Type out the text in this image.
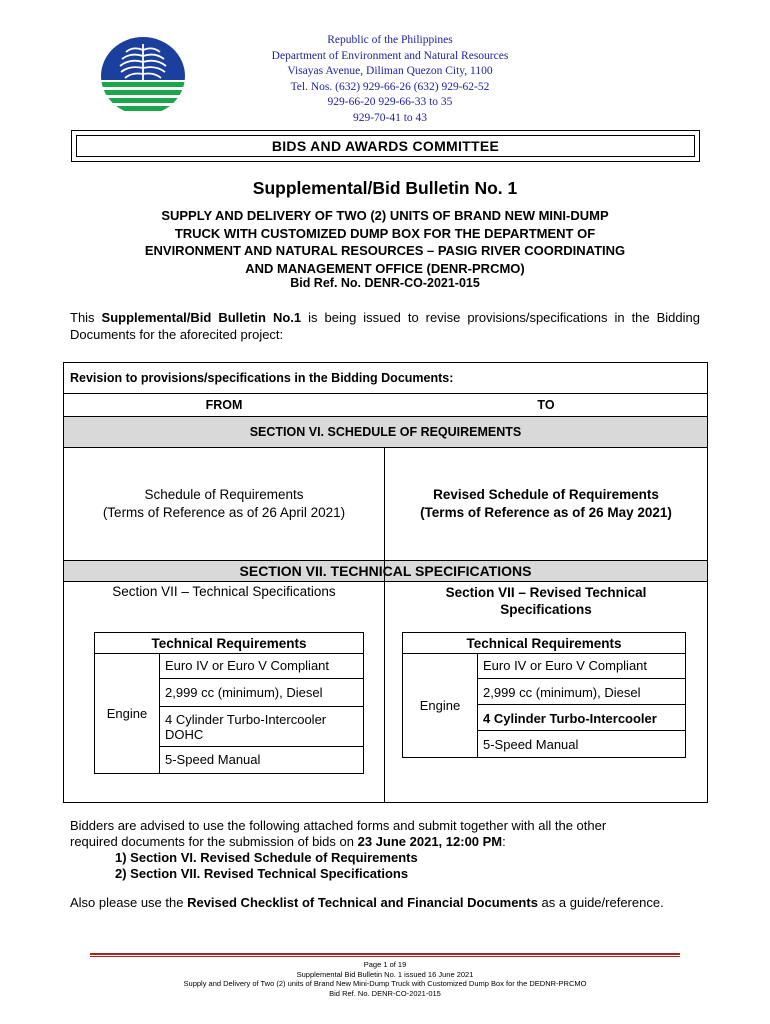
Republic of the Philippines
Department of Environment and Natural Resources
Visayas Avenue, Diliman Quezon City, 1100
Tel. Nos. (632) 929-66-26 (632) 929-62-52
929-66-20 929-66-33 to 35
929-70-41 to 43
BIDS AND AWARDS COMMITTEE
Supplemental/Bid Bulletin No. 1
SUPPLY AND DELIVERY OF TWO (2) UNITS OF BRAND NEW MINI-DUMP
TRUCK WITH CUSTOMIZED DUMP BOX FOR THE DEPARTMENT OF
ENVIRONMENT AND NATURAL RESOURCES – PASIG RIVER COORDINATING
AND MANAGEMENT OFFICE (DENR-PRCMO)
Bid Ref. No. DENR-CO-2021-015
This Supplemental/Bid Bulletin No.1 is being issued to revise provisions/specifications in the Bidding Documents for the aforecited project:
Revision to provisions/specifications in the Bidding Documents:
FROM	TO
SECTION VI. SCHEDULE OF REQUIREMENTS
Schedule of Requirements
(Terms of Reference as of 26 April 2021)
Revised Schedule of Requirements
(Terms of Reference as of 26 May 2021)
SECTION VII. TECHNICAL SPECIFICATIONS
Section VII – Technical Specifications	Section VII – Revised Technical
Specifications
Technical Requirements
Engine
Euro IV or Euro V Compliant
2,999 cc (minimum), Diesel
4 Cylinder Turbo-Intercooler
DOHC
5-Speed Manual
Technical Requirements
Engine
Euro IV or Euro V Compliant
2,999 cc (minimum), Diesel
4 Cylinder Turbo-Intercooler
5-Speed Manual
Bidders are advised to use the following attached forms and submit together with all the other
required documents for the submission of bids on 23 June 2021, 12:00 PM:
1) Section VI. Revised Schedule of Requirements
2) Section VII. Revised Technical Specifications
Also please use the Revised Checklist of Technical and Financial Documents as a guide/reference.
Page 1 of 19
Supplemental Bid Bulletin No. 1 issued 16 June 2021
Supply and Delivery of Two (2) units of Brand New Mini-Dump Truck with Customized Dump Box for the DEDNR-PRCMO
Bid Ref. No. DENR-CO-2021-015
